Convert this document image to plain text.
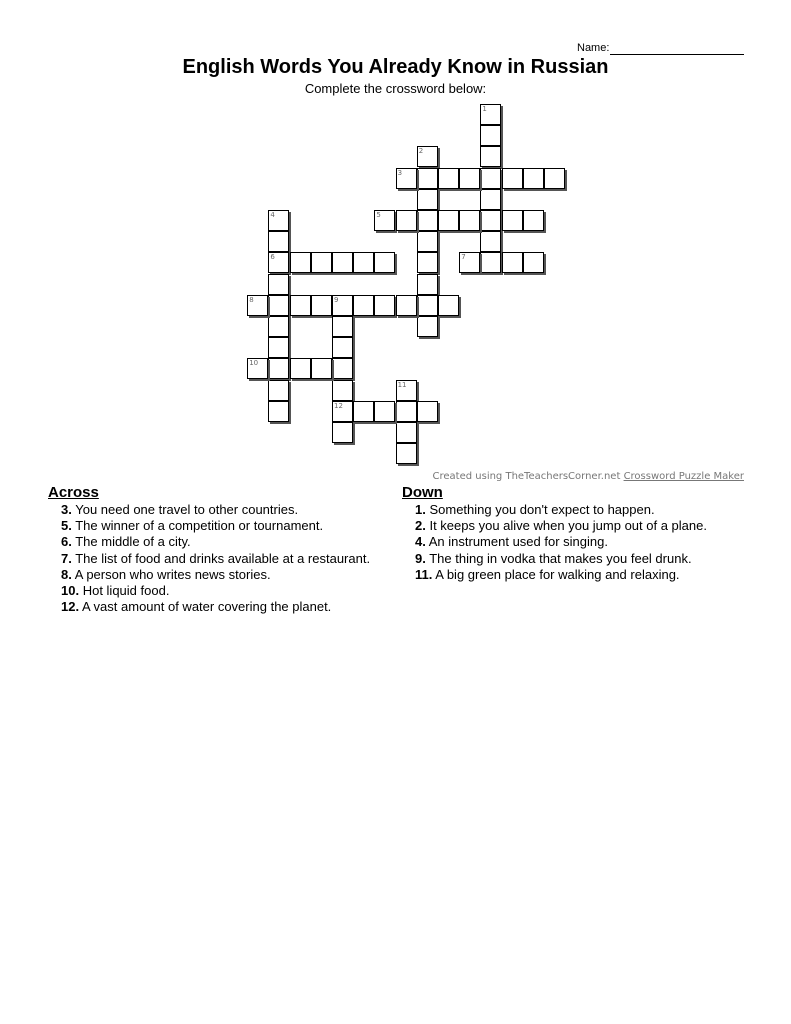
Name:
English Words You Already Know in Russian
Complete the crossword below:
1
2
3
4
6
5
7
8	9
12
10
11
Created using TheTeachersCorner.net Crossword Puzzle Maker
Across
3. You need one travel to other countries.
5. The winner of a competition or tournament.
6. The middle of a city.
7. The list of food and drinks available at a restaurant.
8. A person who writes news stories.
10. Hot liquid food.
12. A vast amount of water covering the planet.
Down
1. Something you don't expect to happen.
2. It keeps you alive when you jump out of a plane.
4. An instrument used for singing.
9. The thing in vodka that makes you feel drunk.
11. A big green place for walking and relaxing.
